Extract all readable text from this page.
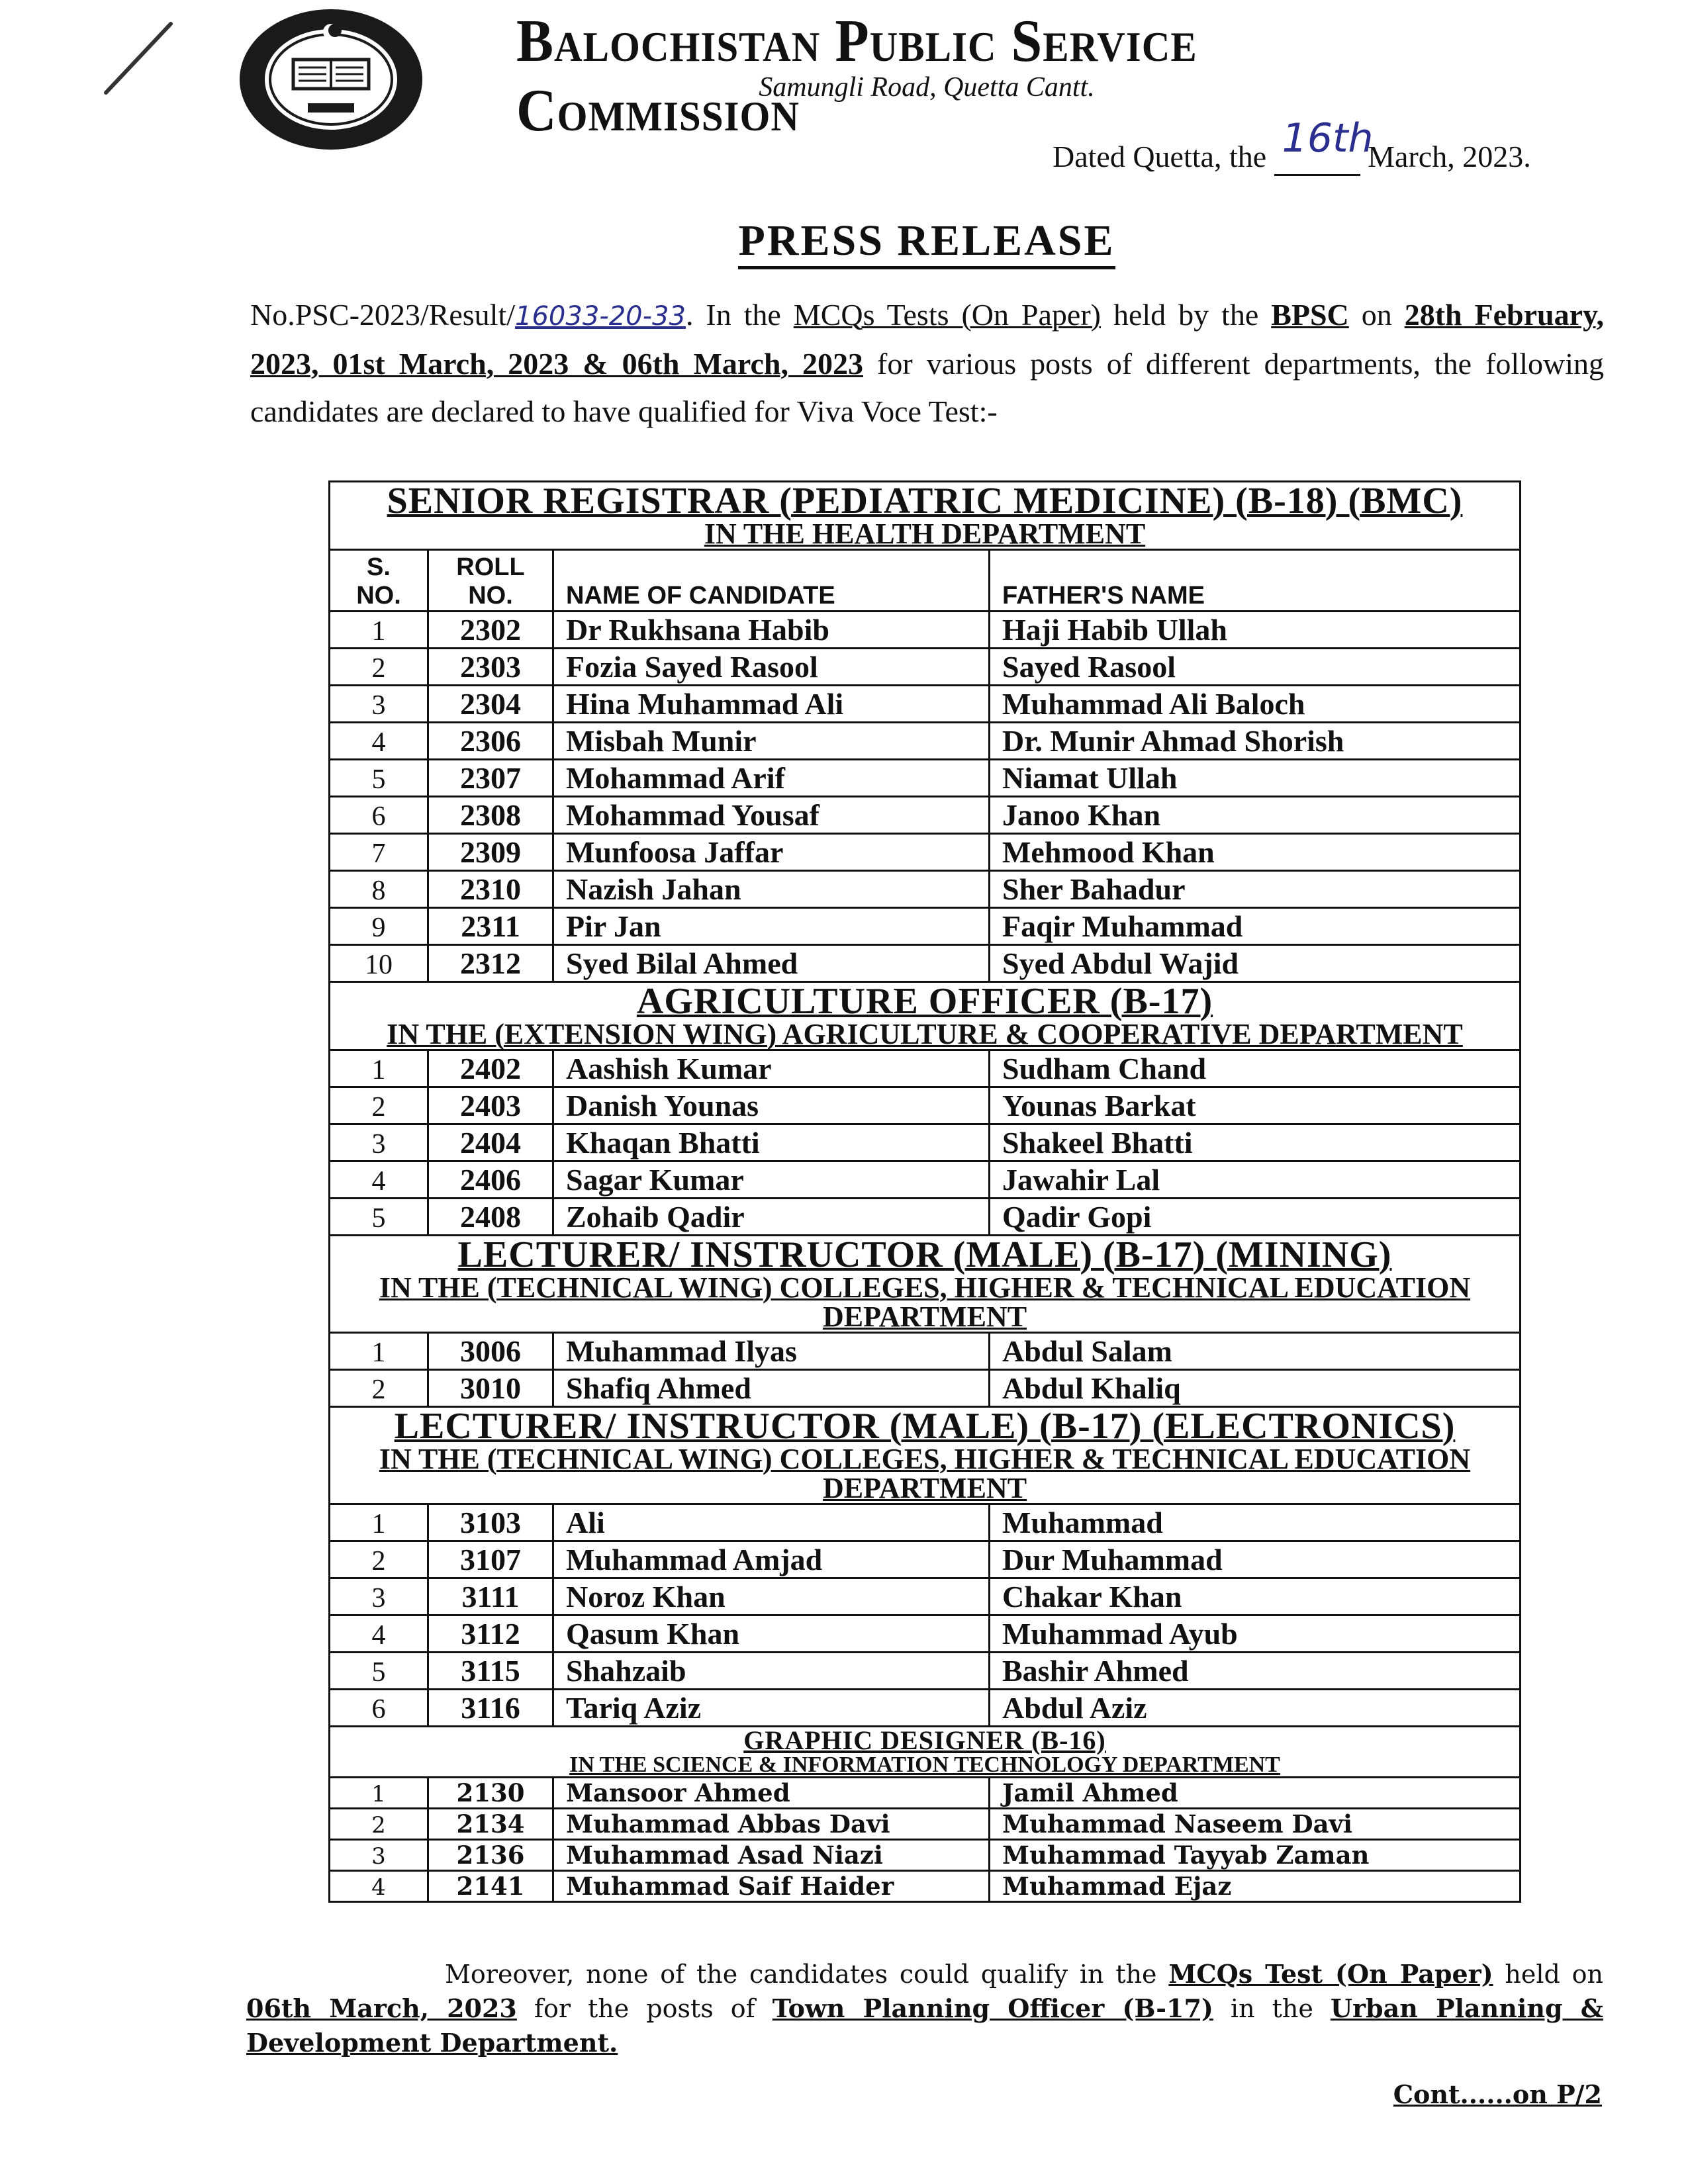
Balochistan Public Service Commission
Samungli Road, Quetta Cantt.
Dated Quetta, the 16th
March, 2023.
PRESS RELEASE
No.PSC-2023/Result/16033-20-33. In the MCQs Tests (On Paper) held by the BPSC on 28th February, 2023, 01st March, 2023 & 06th March, 2023 for various posts of different departments, the following candidates are declared to have qualified for Viva Voce Test:-
SENIOR REGISTRAR (PEDIATRIC MEDICINE) (B-18) (BMC)
IN THE HEALTH DEPARTMENT			

S. NO.	ROLL NO.	NAME OF CANDIDATE	FATHER'S NAME
1	2302	Dr Rukhsana Habib	Haji Habib Ullah
2	2303	Fozia Sayed Rasool	Sayed Rasool
3	2304	Hina Muhammad Ali	Muhammad Ali Baloch
4	2306	Misbah Munir	Dr. Munir Ahmad Shorish
5	2307	Mohammad Arif	Niamat Ullah
6	2308	Mohammad Yousaf	Janoo Khan
7	2309	Munfoosa Jaffar	Mehmood Khan
8	2310	Nazish Jahan	Sher Bahadur
9	2311	Pir Jan	Faqir Muhammad
10	2312	Syed Bilal Ahmed	Syed Abdul Wajid

AGRICULTURE OFFICER (B-17)
IN THE (EXTENSION WING) AGRICULTURE & COOPERATIVE DEPARTMENT			

1	2402	Aashish Kumar	Sudham Chand
2	2403	Danish Younas	Younas Barkat
3	2404	Khaqan Bhatti	Shakeel Bhatti
4	2406	Sagar Kumar	Jawahir Lal
5	2408	Zohaib Qadir	Qadir Gopi

LECTURER/ INSTRUCTOR (MALE) (B-17) (MINING)
IN THE (TECHNICAL WING) COLLEGES, HIGHER & TECHNICAL EDUCATION DEPARTMENT			

1	3006	Muhammad Ilyas	Abdul Salam
2	3010	Shafiq Ahmed	Abdul Khaliq

LECTURER/ INSTRUCTOR (MALE) (B-17) (ELECTRONICS)
IN THE (TECHNICAL WING) COLLEGES, HIGHER & TECHNICAL EDUCATION DEPARTMENT			

1	3103	Ali	Muhammad
2	3107	Muhammad Amjad	Dur Muhammad
3	3111	Noroz Khan	Chakar Khan
4	3112	Qasum Khan	Muhammad Ayub
5	3115	Shahzaib	Bashir Ahmed
6	3116	Tariq Aziz	Abdul Aziz

GRAPHIC DESIGNER (B-16)
IN THE SCIENCE & INFORMATION TECHNOLOGY DEPARTMENT			

1	2130	Mansoor Ahmed	Jamil Ahmed
2	2134	Muhammad Abbas Davi	Muhammad Naseem Davi
3	2136	Muhammad Asad Niazi	Muhammad Tayyab Zaman
4	2141	Muhammad Saif Haider	Muhammad Ejaz
Moreover, none of the candidates could qualify in the MCQs Test (On Paper) held on 06th March, 2023 for the posts of Town Planning Officer (B-17) in the Urban Planning & Development Department.
Cont......on P/2
